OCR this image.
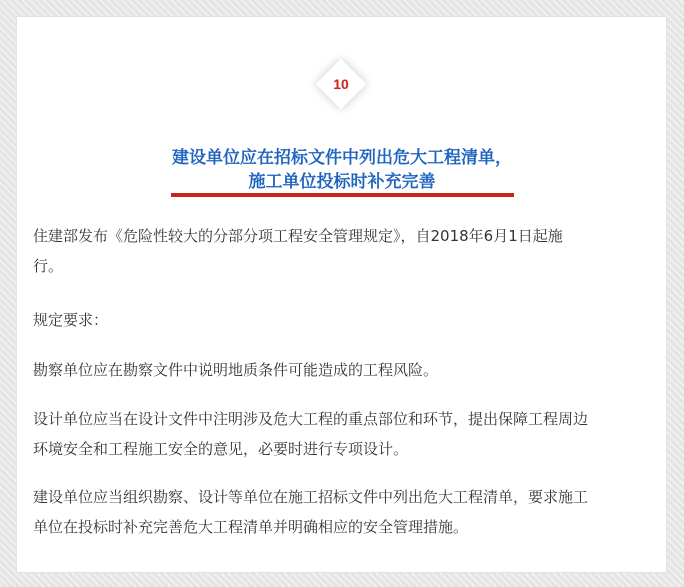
10
建设单位应在招标文件中列出危大工程清单，
施工单位投标时补充完善
住建部发布《危险性较大的分部分项工程安全管理规定》，自2018年6月1日起施
行。
规定要求：
勘察单位应在勘察文件中说明地质条件可能造成的工程风险。
设计单位应当在设计文件中注明涉及危大工程的重点部位和环节，提出保障工程周边
环境安全和工程施工安全的意见，必要时进行专项设计。
建设单位应当组织勘察、设计等单位在施工招标文件中列出危大工程清单，要求施工
单位在投标时补充完善危大工程清单并明确相应的安全管理措施。
